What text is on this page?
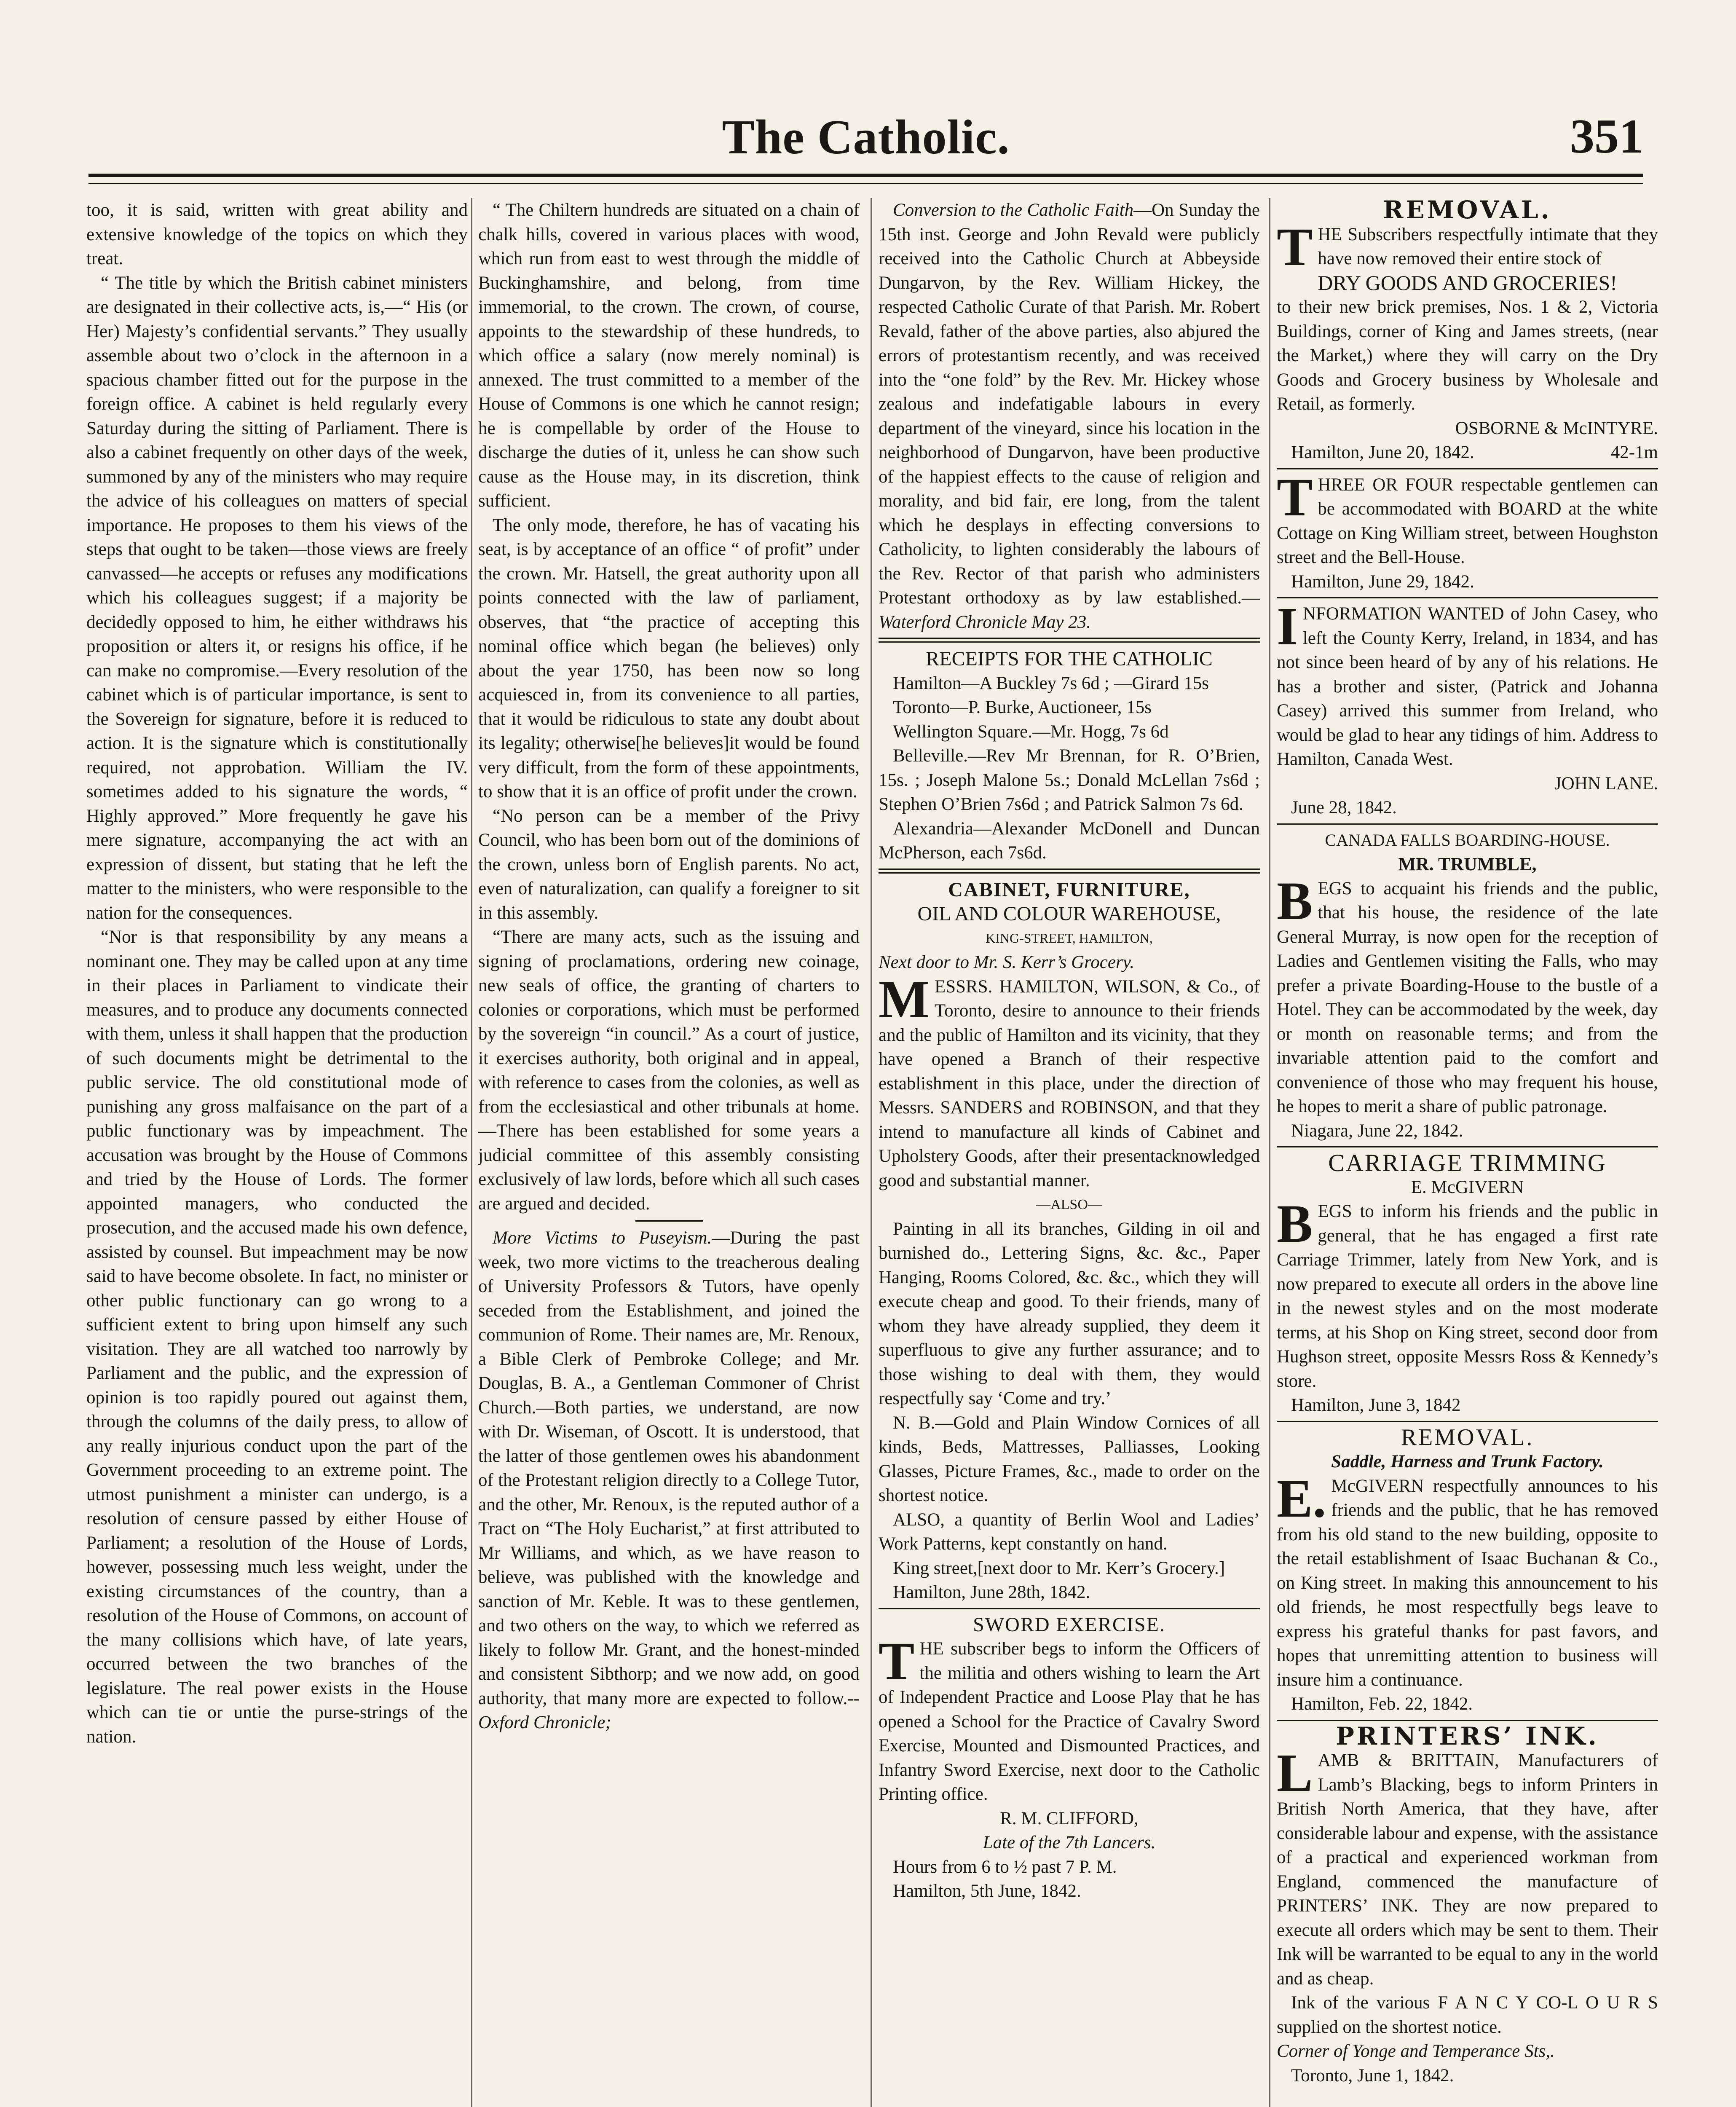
The Catholic.	351

too, it is said, written with great ability and extensive knowledge of the topics on which they treat.

“ The title by which the British cabinet ministers are designated in their collective acts, is,—“ His (or Her) Majesty’s confidential servants.” They usually assemble about two o’clock in the afternoon in a spacious chamber fitted out for the purpose in the foreign office. A cabinet is held regularly every Saturday during the sitting of Parliament. There is also a cabinet frequently on other days of the week, summoned by any of the ministers who may require the advice of his colleagues on matters of special importance. He proposes to them his views of the steps that ought to be taken—those views are freely canvassed—he accepts or refuses any modifications which his colleagues suggest; if a majority be decidedly opposed to him, he either withdraws his proposition or alters it, or resigns his office, if he can make no compromise.—Every resolution of the cabinet which is of particular importance, is sent to the Sovereign for signature, before it is reduced to action. It is the signature which is constitutionally required, not approbation. William the IV. sometimes added to his signature the words, “ Highly approved.” More frequently he gave his mere signature, accompanying the act with an expression of dissent, but stating that he left the matter to the ministers, who were responsible to the nation for the consequences.

“Nor is that responsibility by any means a nominant one. They may be called upon at any time in their places in Parliament to vindicate their measures, and to produce any documents connected with them, unless it shall happen that the production of such documents might be detrimental to the public service. The old constitutional mode of punishing any gross malfaisance on the part of a public functionary was by impeachment. The accusation was brought by the House of Commons and tried by the House of Lords. The former appointed managers, who conducted the prosecution, and the accused made his own defence, assisted by counsel. But impeachment may be now said to have become obsolete. In fact, no minister or other public functionary can go wrong to a sufficient extent to bring upon himself any such visitation. They are all watched too narrowly by Parliament and the public, and the expression of opinion is too rapidly poured out against them, through the columns of the daily press, to allow of any really injurious conduct upon the part of the Government proceeding to an extreme point. The utmost punishment a minister can undergo, is a resolution of censure passed by either House of Parliament; a resolution of the House of Lords, however, possessing much less weight, under the existing circumstances of the country, than a resolution of the House of Commons, on account of the many collisions which have, of late years, occurred between the two branches of the legislature. The real power exists in the House which can tie or untie the purse-strings of the nation.

“ The Chiltern hundreds are situated on a chain of chalk hills, covered in various places with wood, which run from east to west through the middle of Buckinghamshire, and belong, from time immemorial, to the crown. The crown, of course, appoints to the stewardship of these hundreds, to which office a salary (now merely nominal) is annexed. The trust committed to a member of the House of Commons is one which he cannot resign; he is compellable by order of the House to discharge the duties of it, unless he can show such cause as the House may, in its discretion, think sufficient.

The only mode, therefore, he has of vacating his seat, is by acceptance of an office “ of profit” under the crown. Mr. Hatsell, the great authority upon all points connected with the law of parliament, observes, that “the practice of accepting this nominal office which began (he believes) only about the year 1750, has been now so long acquiesced in, from its convenience to all parties, that it would be ridiculous to state any doubt about its legality; otherwise[he believes]it would be found very difficult, from the form of these appointments, to show that it is an office of profit under the crown.

“No person can be a member of the Privy Council, who has been born out of the dominions of the crown, unless born of English parents. No act, even of naturalization, can qualify a foreigner to sit in this assembly.

“There are many acts, such as the issuing and signing of proclamations, ordering new coinage, new seals of office, the granting of charters to colonies or corporations, which must be performed by the sovereign “in council.” As a court of justice, it exercises authority, both original and in appeal, with reference to cases from the colonies, as well as from the ecclesiastical and other tribunals at home.—There has been established for some years a judicial committee of this assembly consisting exclusively of law lords, before which all such cases are argued and decided.

More Victims to Puseyism.—During the past week, two more victims to the treacherous dealing of University Professors & Tutors, have openly seceded from the Establishment, and joined the communion of Rome. Their names are, Mr. Renoux, a Bible Clerk of Pembroke College; and Mr. Douglas, B. A., a Gentleman Commoner of Christ Church.—Both parties, we understand, are now with Dr. Wiseman, of Oscott. It is understood, that the latter of those gentlemen owes his abandonment of the Protestant religion directly to a College Tutor, and the other, Mr. Renoux, is the reputed author of a Tract on “The Holy Eucharist,” at first attributed to Mr Williams, and which, as we have reason to believe, was published with the knowledge and sanction of Mr. Keble. It was to these gentlemen, and two others on the way, to which we referred as likely to follow Mr. Grant, and the honest-minded and consistent Sibthorp; and we now add, on good authority, that many more are expected to follow.--Oxford Chronicle;

Conversion to the Catholic Faith—On Sunday the 15th inst. George and John Revald were publicly received into the Catholic Church at Abbeyside Dungarvon, by the Rev. William Hickey, the respected Catholic Curate of that Parish. Mr. Robert Revald, father of the above parties, also abjured the errors of protestantism recently, and was received into the “one fold” by the Rev. Mr. Hickey whose zealous and indefatigable labours in every department of the vineyard, since his location in the neighborhood of Dungarvon, have been productive of the happiest effects to the cause of religion and morality, and bid fair, ere long, from the talent which he desplays in effecting conversions to Catholicity, to lighten considerably the labours of the Rev. Rector of that parish who administers Protestant orthodoxy as by law established.—Waterford Chronicle May 23.

RECEIPTS FOR THE CATHOLIC

Hamilton—A Buckley 7s 6d ; —Girard 15s

Toronto—P. Burke, Auctioneer, 15s

Wellington Square.—Mr. Hogg, 7s 6d

Belleville.—Rev Mr Brennan, for R. O’Brien, 15s. ; Joseph Malone 5s.; Donald McLellan 7s6d ; Stephen O’Brien 7s6d ; and Patrick Salmon 7s 6d.

Alexandria—Alexander McDonell and Duncan McPherson, each 7s6d.

CABINET, FURNITURE,

OIL AND COLOUR WAREHOUSE,

KING-STREET, HAMILTON,

Next door to Mr. S. Kerr’s Grocery.

MESSRS. HAMILTON, WILSON, & Co., of Toronto, desire to announce to their friends and the public of Hamilton and its vicinity, that they have opened a Branch of their respective establishment in this place, under the direction of Messrs. SANDERS and ROBINSON, and that they intend to manufacture all kinds of Cabinet and Upholstery Goods, after their presentacknowledged good and substantial manner.

—ALSO—

Painting in all its branches, Gilding in oil and burnished do., Lettering Signs, &c. &c., Paper Hanging, Rooms Colored, &c. &c., which they will execute cheap and good. To their friends, many of whom they have already supplied, they deem it superfluous to give any further assurance; and to those wishing to deal with them, they would respectfully say ‘Come and try.’

N. B.—Gold and Plain Window Cornices of all kinds, Beds, Mattresses, Palliasses, Looking Glasses, Picture Frames, &c., made to order on the shortest notice.

ALSO, a quantity of Berlin Wool and Ladies’ Work Patterns, kept constantly on hand.

King street,[next door to Mr. Kerr’s Grocery.]

Hamilton, June 28th, 1842.

SWORD EXERCISE.

THE subscriber begs to inform the Officers of the militia and others wishing to learn the Art of Independent Practice and Loose Play that he has opened a School for the Practice of Cavalry Sword Exercise, Mounted and Dismounted Practices, and Infantry Sword Exercise, next door to the Catholic Printing office.

R. M. CLIFFORD,

Late of the 7th Lancers.

Hours from 6 to ½ past 7 P. M.

Hamilton, 5th June, 1842.

REMOVAL.

THE Subscribers respectfully intimate that they have now removed their entire stock of

DRY GOODS AND GROCERIES!

to their new brick premises, Nos. 1 & 2, Victoria Buildings, corner of King and James streets, (near the Market,) where they will carry on the Dry Goods and Grocery business by Wholesale and Retail, as formerly.

OSBORNE & McINTYRE.

Hamilton, June 20, 1842.	42-1m

THREE OR FOUR respectable gentlemen can be accommodated with BOARD at the white Cottage on King William street, between Houghston street and the Bell-House.

Hamilton, June 29, 1842.

INFORMATION WANTED of John Casey, who left the County Kerry, Ireland, in 1834, and has not since been heard of by any of his relations. He has a brother and sister, (Patrick and Johanna Casey) arrived this summer from Ireland, who would be glad to hear any tidings of him. Address to Hamilton, Canada West.

JOHN LANE.

June 28, 1842.

CANADA FALLS BOARDING-HOUSE.

MR. TRUMBLE,

BEGS to acquaint his friends and the public, that his house, the residence of the late General Murray, is now open for the reception of Ladies and Gentlemen visiting the Falls, who may prefer a private Boarding-House to the bustle of a Hotel. They can be accommodated by the week, day or month on reasonable terms; and from the invariable attention paid to the comfort and convenience of those who may frequent his house, he hopes to merit a share of public patronage.

Niagara, June 22, 1842.

CARRIAGE TRIMMING

E. McGIVERN

BEGS to inform his friends and the public in general, that he has engaged a first rate Carriage Trimmer, lately from New York, and is now prepared to execute all orders in the above line in the newest styles and on the most moderate terms, at his Shop on King street, second door from Hughson street, opposite Messrs Ross & Kennedy’s store.

Hamilton, June 3, 1842

REMOVAL.

Saddle, Harness and Trunk Factory.

E. McGIVERN respectfully announces to his friends and the public, that he has removed from his old stand to the new building, opposite to the retail establishment of Isaac Buchanan & Co., on King street. In making this announcement to his old friends, he most respectfully begs leave to express his grateful thanks for past favors, and hopes that unremitting attention to business will insure him a continuance.

Hamilton, Feb. 22, 1842.

PRINTERS’ INK.

LAMB & BRITTAIN, Manufacturers of Lamb’s Blacking, begs to inform Printers in British North America, that they have, after considerable labour and expense, with the assistance of a practical and experienced workman from England, commenced the manufacture of PRINTERS’ INK. They are now prepared to execute all orders which may be sent to them. Their Ink will be warranted to be equal to any in the world and as cheap.

Ink of the various F A N C Y CO-L O U R S supplied on the shortest notice.

Corner of Yonge and Temperance Sts,.

Toronto, June 1, 1842.
